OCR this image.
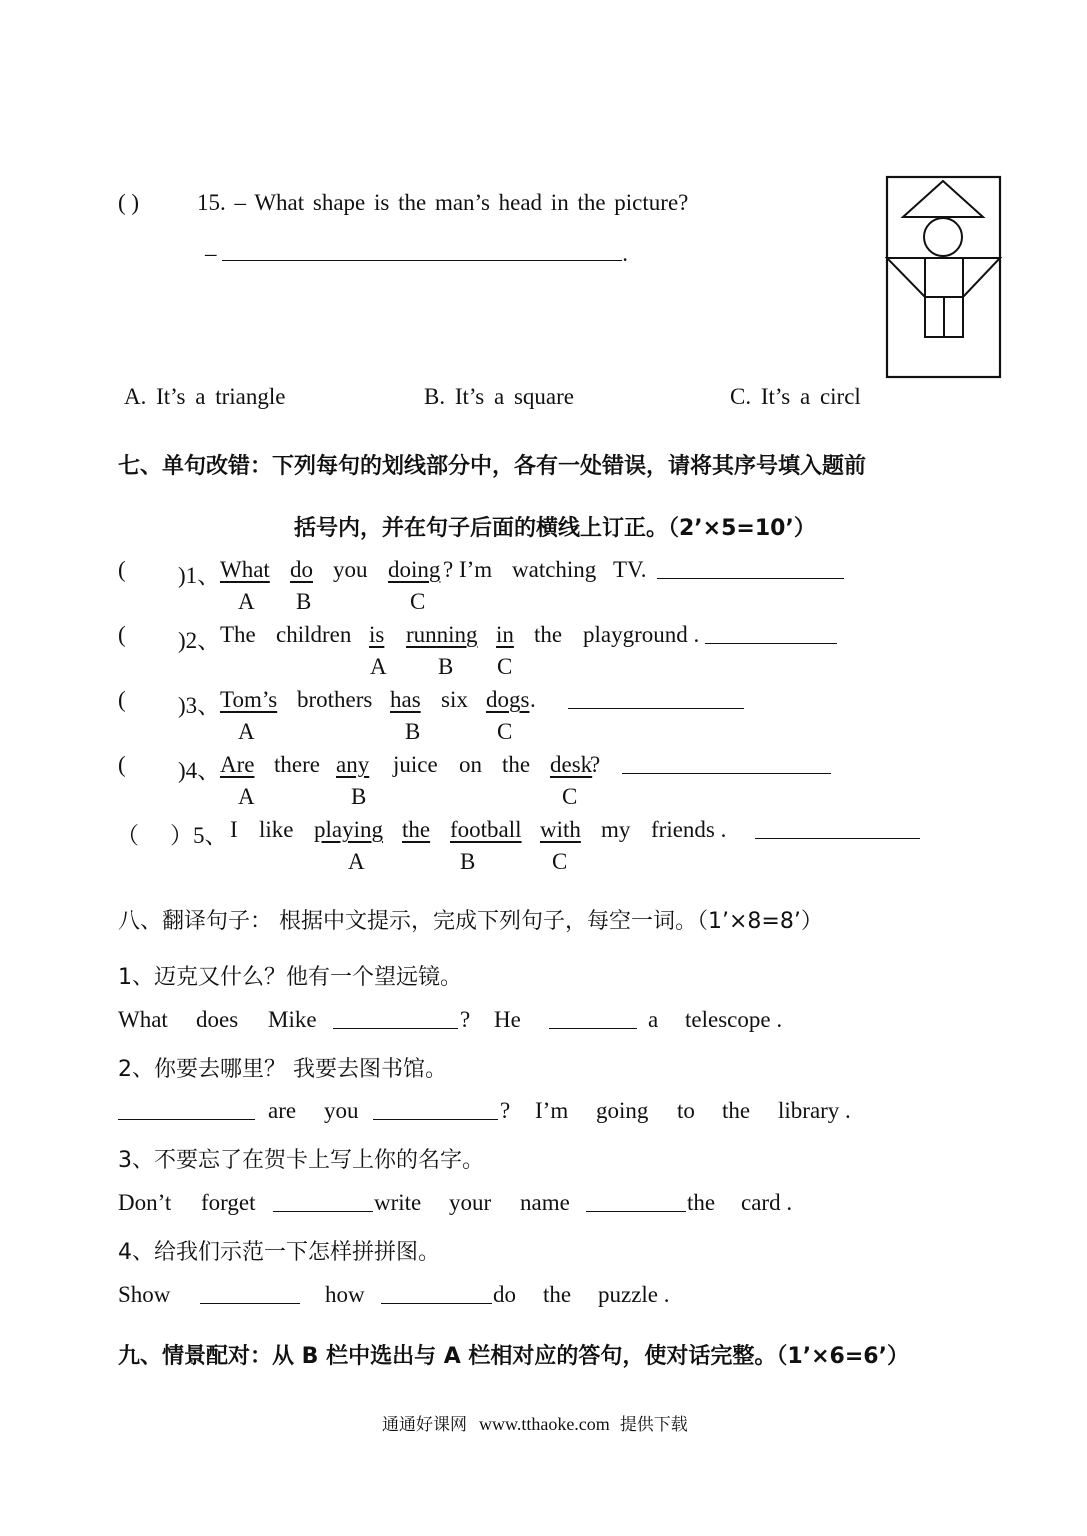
( )	15. – What shape is the man’s head in the picture?
–	.
A. It’s a triangle	B. It’s a square	C. It’s a circl
七、单句改错：下列每句的划线部分中，各有一处错误，请将其序号填入题前
括号内，并在句子后面的横线上订正。（2’×5=10’）
( )1、 What do you doing ? I’m watching TV.
A B	C
( )2、 The children is running in the playground .
A B C
( )3、 Tom’s brothers has six dogs .
A	B	C
( )4、 Are there any juice on the desk
?
A	B	C
（ ）5、 I like playing the football with my friends .
A	B	C
八、翻译句子： 根据中文提示，完成下列句子，每空一词。（1’×8=8’）
1、迈克又什么？他有一个望远镜。
What does Mike	? He	a telescope .
2、你要去哪里？ 我要去图书馆。
are you	? I’m going to the library .
3、不要忘了在贺卡上写上你的名字。
Don’t forget	write your name	the card .
4、给我们示范一下怎样拼拼图。
Show	how	do the puzzle .
九、情景配对：从 B 栏中选出与 A 栏相对应的答句，使对话完整。（1’×6=6’）
通通好课网 www.tthaoke.com 提供下载
